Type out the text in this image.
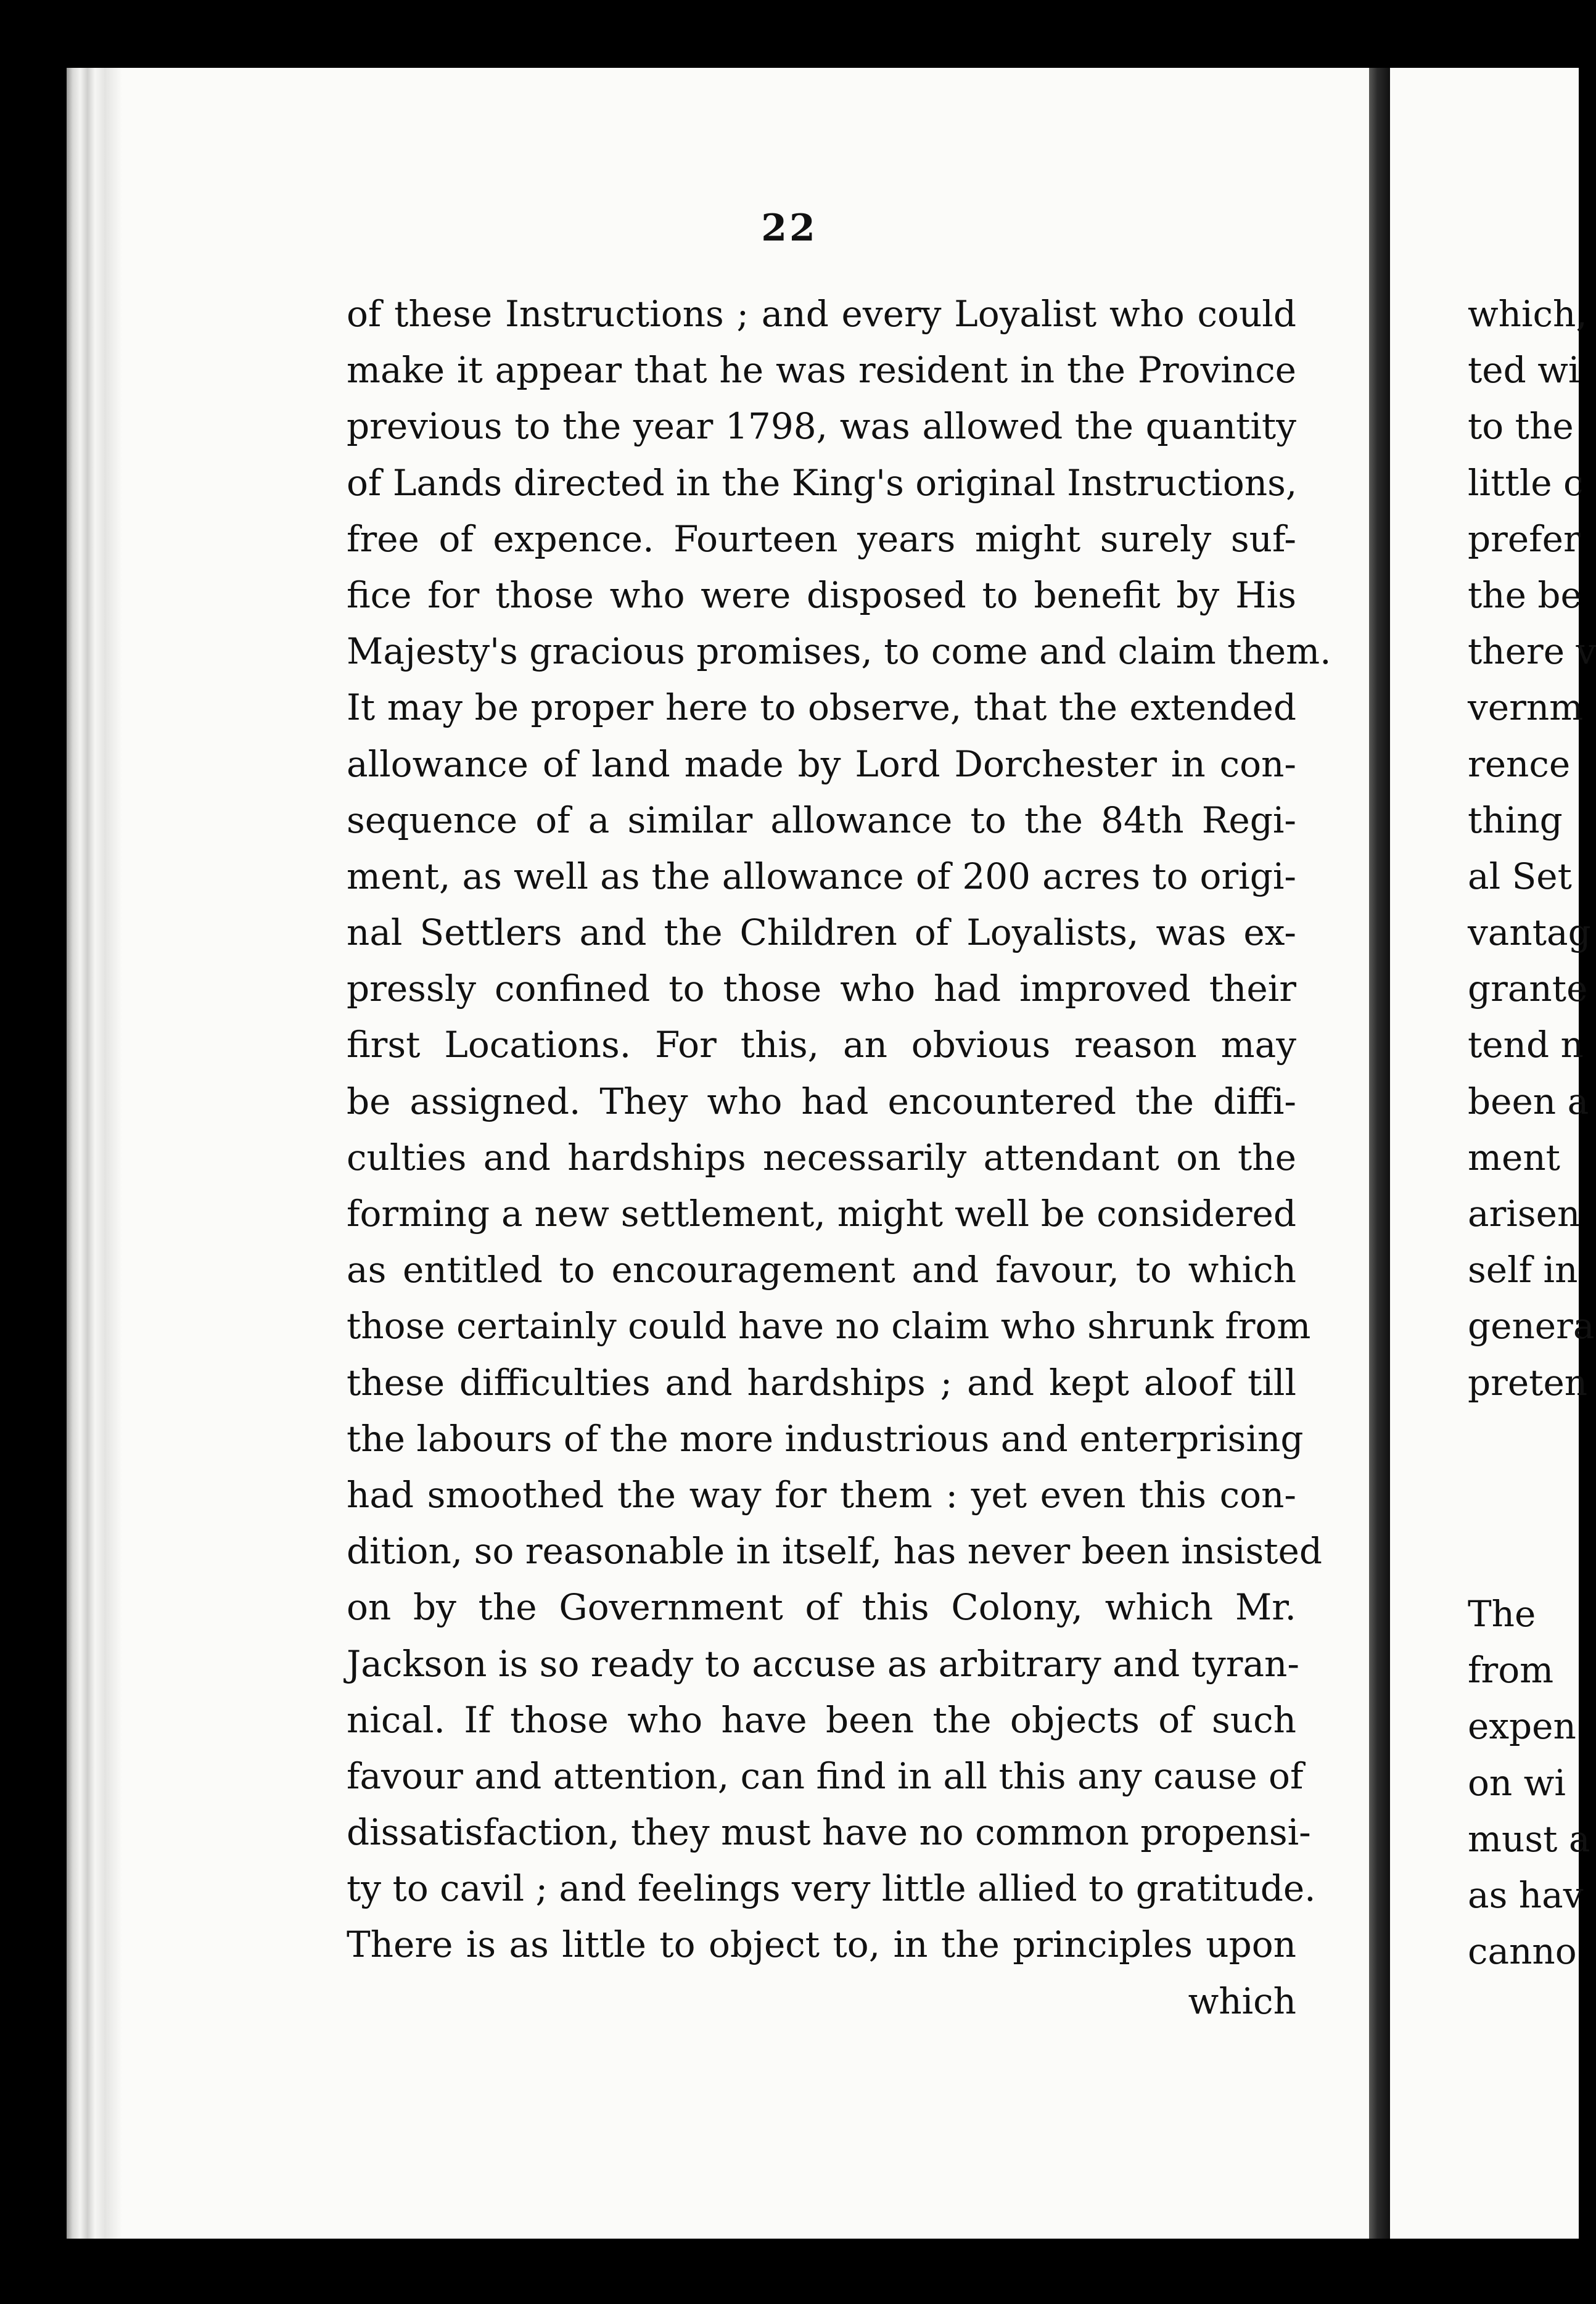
22
of these Instructions ; and every Loyalist who could
make it appear that he was resident in the Province
previous to the year 1798, was allowed the quantity
of Lands directed in the King's original Instructions,
free of expence. Fourteen years might surely suf-
fice for those who were disposed to benefit by His
Majesty's gracious promises, to come and claim them.
It may be proper here to observe, that the extended
allowance of land made by Lord Dorchester in con-
sequence of a similar allowance to the 84th Regi-
ment, as well as the allowance of 200 acres to origi-
nal Settlers and the Children of Loyalists, was ex-
pressly confined to those who had improved their
first Locations. For this, an obvious reason may
be assigned. They who had encountered the diffi-
culties and hardships necessarily attendant on the
forming a new settlement, might well be considered
as entitled to encouragement and favour, to which
those certainly could have no claim who shrunk from
these difficulties and hardships ; and kept aloof till
the labours of the more industrious and enterprising
had smoothed the way for them : yet even this con-
dition, so reasonable in itself, has never been insisted
on by the Government of this Colony, which Mr.
Jackson is so ready to accuse as arbitrary and tyran-
nical. If those who have been the objects of such
favour and attention, can find in all this any cause of
dissatisfaction, they must have no common propensi-
ty to cavil ; and feelings very little allied to gratitude.
There is as little to object to, in the principles upon
which
which,
ted wi
to the
little c
prefer
the be
there v
vernm
rence
thing
al Set
vantag
grante
tend n
been a
ment
arisen
self in
genera
preten
The
from
expen
on wi
must a
as hav
canno
